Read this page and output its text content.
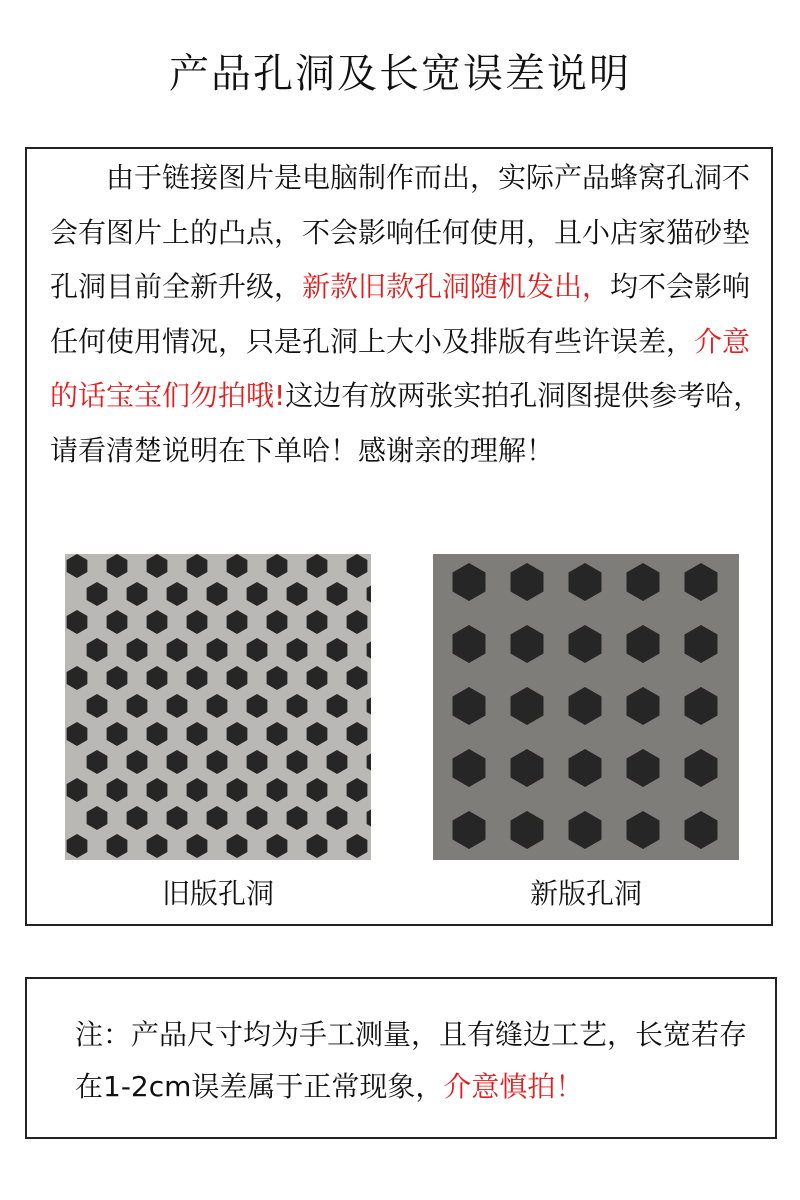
产品孔洞及长宽误差说明

由于链接图片是电脑制作而出，实际产品蜂窝孔洞不会有图片上的凸点，不会影响任何使用，且小店家猫砂垫孔洞目前全新升级，新款旧款孔洞随机发出，均不会影响任何使用情况，只是孔洞上大小及排版有些许误差，介意的话宝宝们勿拍哦!这边有放两张实拍孔洞图提供参考哈，请看清楚说明在下单哈！感谢亲的理解！

旧版孔洞	新版孔洞

注：产品尺寸均为手工测量，且有缝边工艺，长宽若存在1-2cm误差属于正常现象，介意慎拍！
